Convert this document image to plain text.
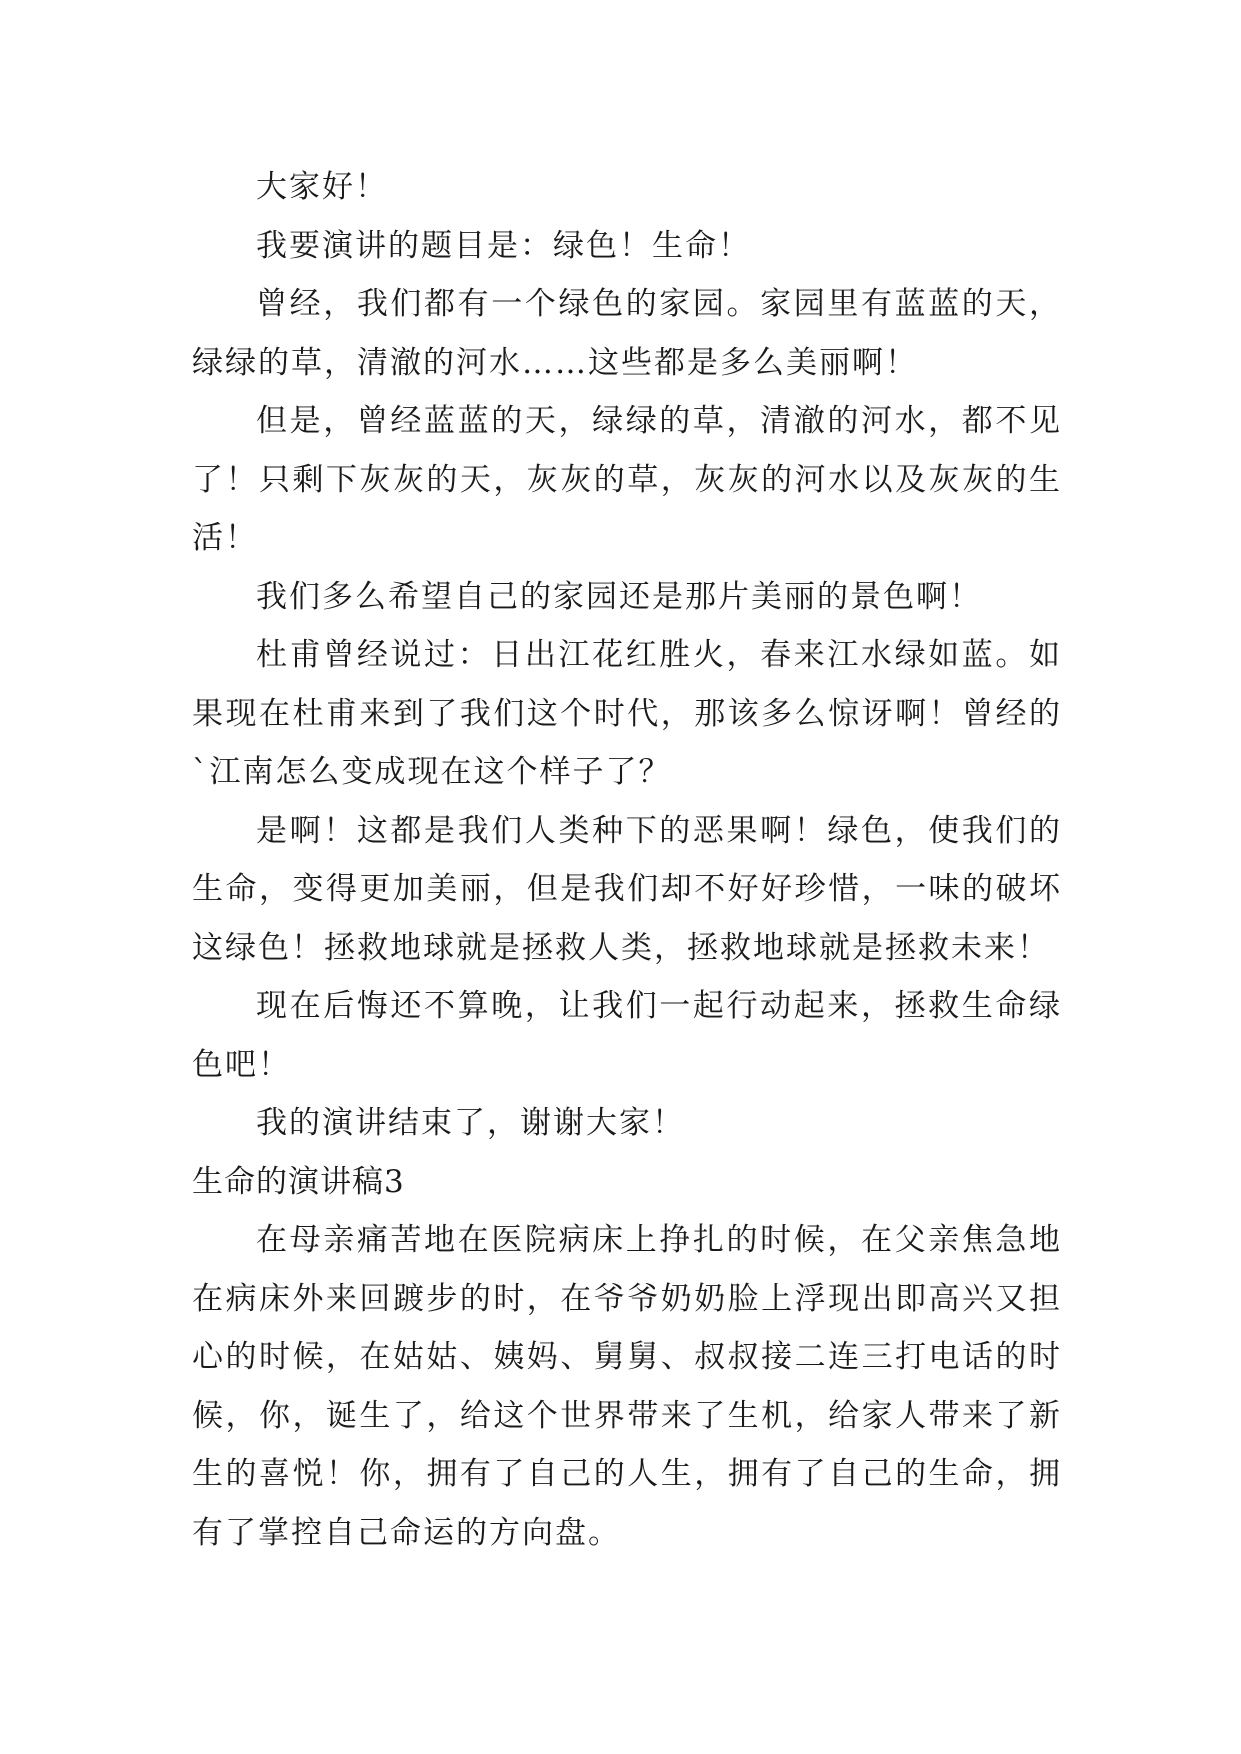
大家好！

我要演讲的题目是：绿色！生命！

曾经，我们都有一个绿色的家园。家园里有蓝蓝的天，绿绿的草，清澈的河水……这些都是多么美丽啊！

但是，曾经蓝蓝的天，绿绿的草，清澈的河水，都不见了！只剩下灰灰的天，灰灰的草，灰灰的河水以及灰灰的生活！

我们多么希望自己的家园还是那片美丽的景色啊！

杜甫曾经说过：日出江花红胜火，春来江水绿如蓝。如果现在杜甫来到了我们这个时代，那该多么惊讶啊！曾经的`江南怎么变成现在这个样子了？

是啊！这都是我们人类种下的恶果啊！绿色，使我们的生命，变得更加美丽，但是我们却不好好珍惜，一味的破坏这绿色！拯救地球就是拯救人类，拯救地球就是拯救未来！

现在后悔还不算晚，让我们一起行动起来，拯救生命绿色吧！

我的演讲结束了，谢谢大家！

生命的演讲稿3

在母亲痛苦地在医院病床上挣扎的时候，在父亲焦急地在病床外来回踱步的时，在爷爷奶奶脸上浮现出即高兴又担心的时候，在姑姑、姨妈、舅舅、叔叔接二连三打电话的时候，你，诞生了，给这个世界带来了生机，给家人带来了新生的喜悦！你，拥有了自己的人生，拥有了自己的生命，拥有了掌控自己命运的方向盘。
